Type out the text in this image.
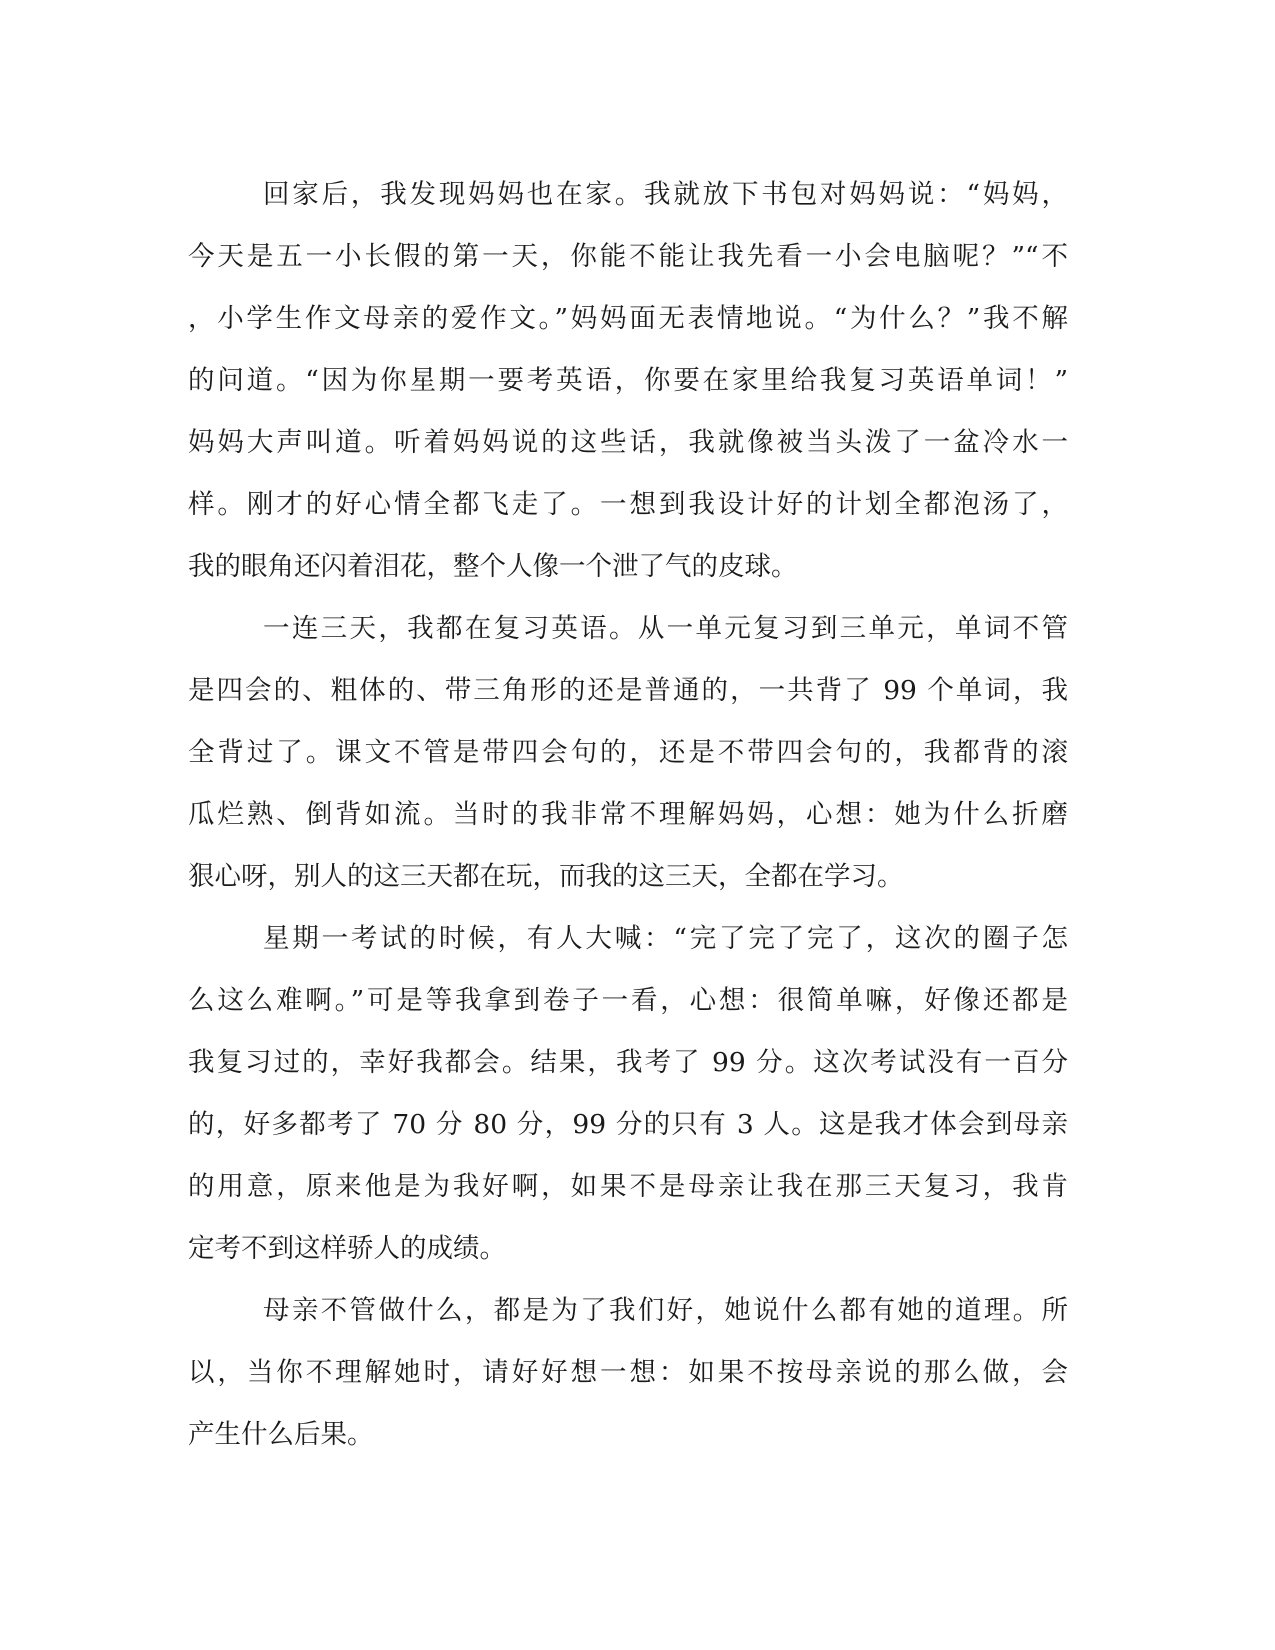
回家后，我发现妈妈也在家。我就放下书包对妈妈说：“妈妈，
今天是五一小长假的第一天，你能不能让我先看一小会电脑呢？”“不
，小学生作文母亲的爱作文。”妈妈面无表情地说。“为什么？”我不解
的问道。“因为你星期一要考英语，你要在家里给我复习英语单词！”
妈妈大声叫道。听着妈妈说的这些话，我就像被当头泼了一盆冷水一
样。刚才的好心情全都飞走了。一想到我设计好的计划全都泡汤了，
我的眼角还闪着泪花，整个人像一个泄了气的皮球。
一连三天，我都在复习英语。从一单元复习到三单元，单词不管
是四会的、粗体的、带三角形的还是普通的，一共背了 99 个单词，我
全背过了。课文不管是带四会句的，还是不带四会句的，我都背的滚
瓜烂熟、倒背如流。当时的我非常不理解妈妈，心想：她为什么折磨
狠心呀，别人的这三天都在玩，而我的这三天，全都在学习。
星期一考试的时候，有人大喊：“完了完了完了，这次的圈子怎
么这么难啊。”可是等我拿到卷子一看，心想：很简单嘛，好像还都是
我复习过的，幸好我都会。结果，我考了 99 分。这次考试没有一百分
的，好多都考了 70 分 80 分，99 分的只有 3 人。这是我才体会到母亲
的用意，原来他是为我好啊，如果不是母亲让我在那三天复习，我肯
定考不到这样骄人的成绩。
母亲不管做什么，都是为了我们好，她说什么都有她的道理。所
以，当你不理解她时，请好好想一想：如果不按母亲说的那么做，会
产生什么后果。
